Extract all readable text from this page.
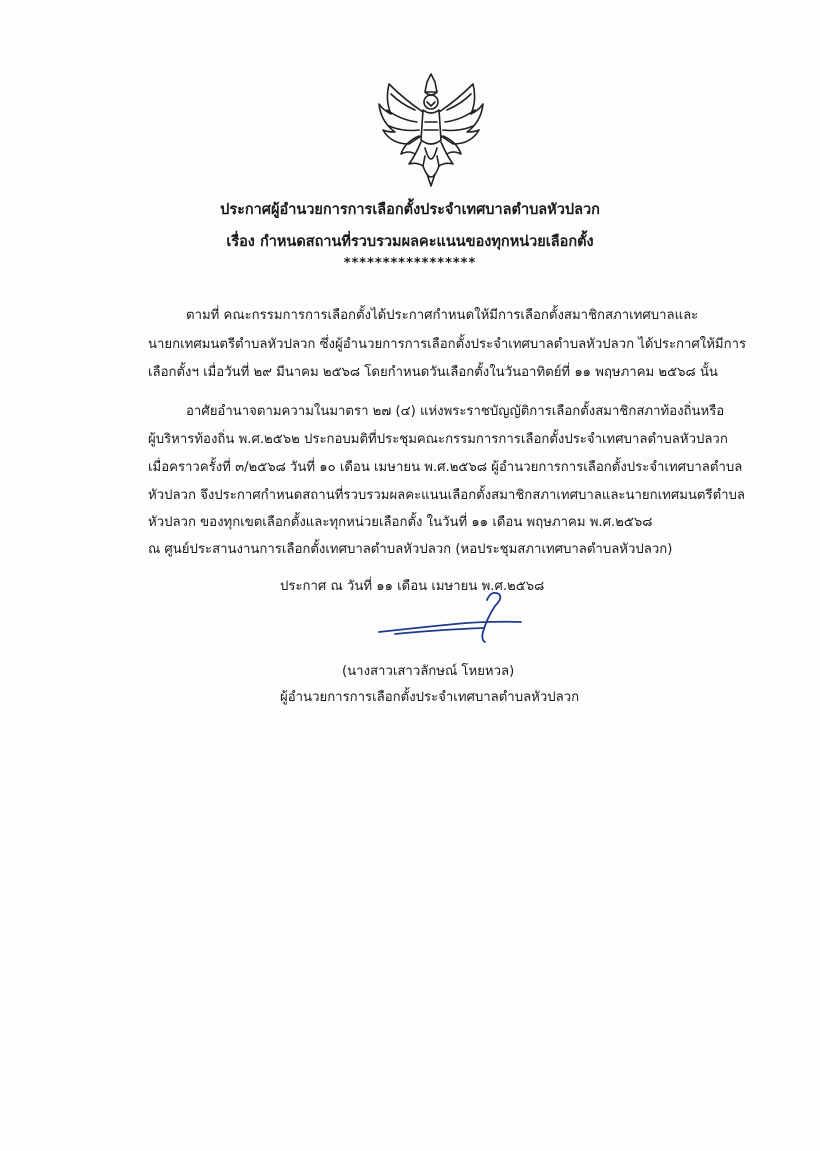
ประกาศผู้อำนวยการการเลือกตั้งประจำเทศบาลตำบลหัวปลวก
เรื่อง กำหนดสถานที่รวบรวมผลคะแนนของทุกหน่วยเลือกตั้ง
*****************
ตามที่ คณะกรรมการการเลือกตั้งได้ประกาศกำหนดให้มีการเลือกตั้งสมาชิกสภาเทศบาลและ
นายกเทศมนตรีตำบลหัวปลวก ซึ่งผู้อำนวยการการเลือกตั้งประจำเทศบาลตำบลหัวปลวก ได้ประกาศให้มีการ
เลือกตั้งฯ เมื่อวันที่ ๒๙ มีนาคม ๒๕๖๘ โดยกำหนดวันเลือกตั้งในวันอาทิตย์ที่ ๑๑ พฤษภาคม ๒๕๖๘ นั้น
อาศัยอำนาจตามความในมาตรา ๒๗ (๔) แห่งพระราชบัญญัติการเลือกตั้งสมาชิกสภาท้องถิ่นหรือ
ผู้บริหารท้องถิ่น พ.ศ.๒๕๖๒ ประกอบมติที่ประชุมคณะกรรมการการเลือกตั้งประจำเทศบาลตำบลหัวปลวก
เมื่อคราวครั้งที่ ๓/๒๕๖๘ วันที่ ๑๐ เดือน เมษายน พ.ศ.๒๕๖๘ ผู้อำนวยการการเลือกตั้งประจำเทศบาลตำบล
หัวปลวก จึงประกาศกำหนดสถานที่รวบรวมผลคะแนนเลือกตั้งสมาชิกสภาเทศบาลและนายกเทศมนตรีตำบล
หัวปลวก ของทุกเขตเลือกตั้งและทุกหน่วยเลือกตั้ง ในวันที่ ๑๑ เดือน พฤษภาคม พ.ศ.๒๕๖๘
ณ ศูนย์ประสานงานการเลือกตั้งเทศบาลตำบลหัวปลวก (หอประชุมสภาเทศบาลตำบลหัวปลวก)
ประกาศ ณ วันที่ ๑๑ เดือน เมษายน พ.ศ.๒๕๖๘
(นางสาวเสาวลักษณ์ โหยหวล)
ผู้อำนวยการการเลือกตั้งประจำเทศบาลตำบลหัวปลวก
